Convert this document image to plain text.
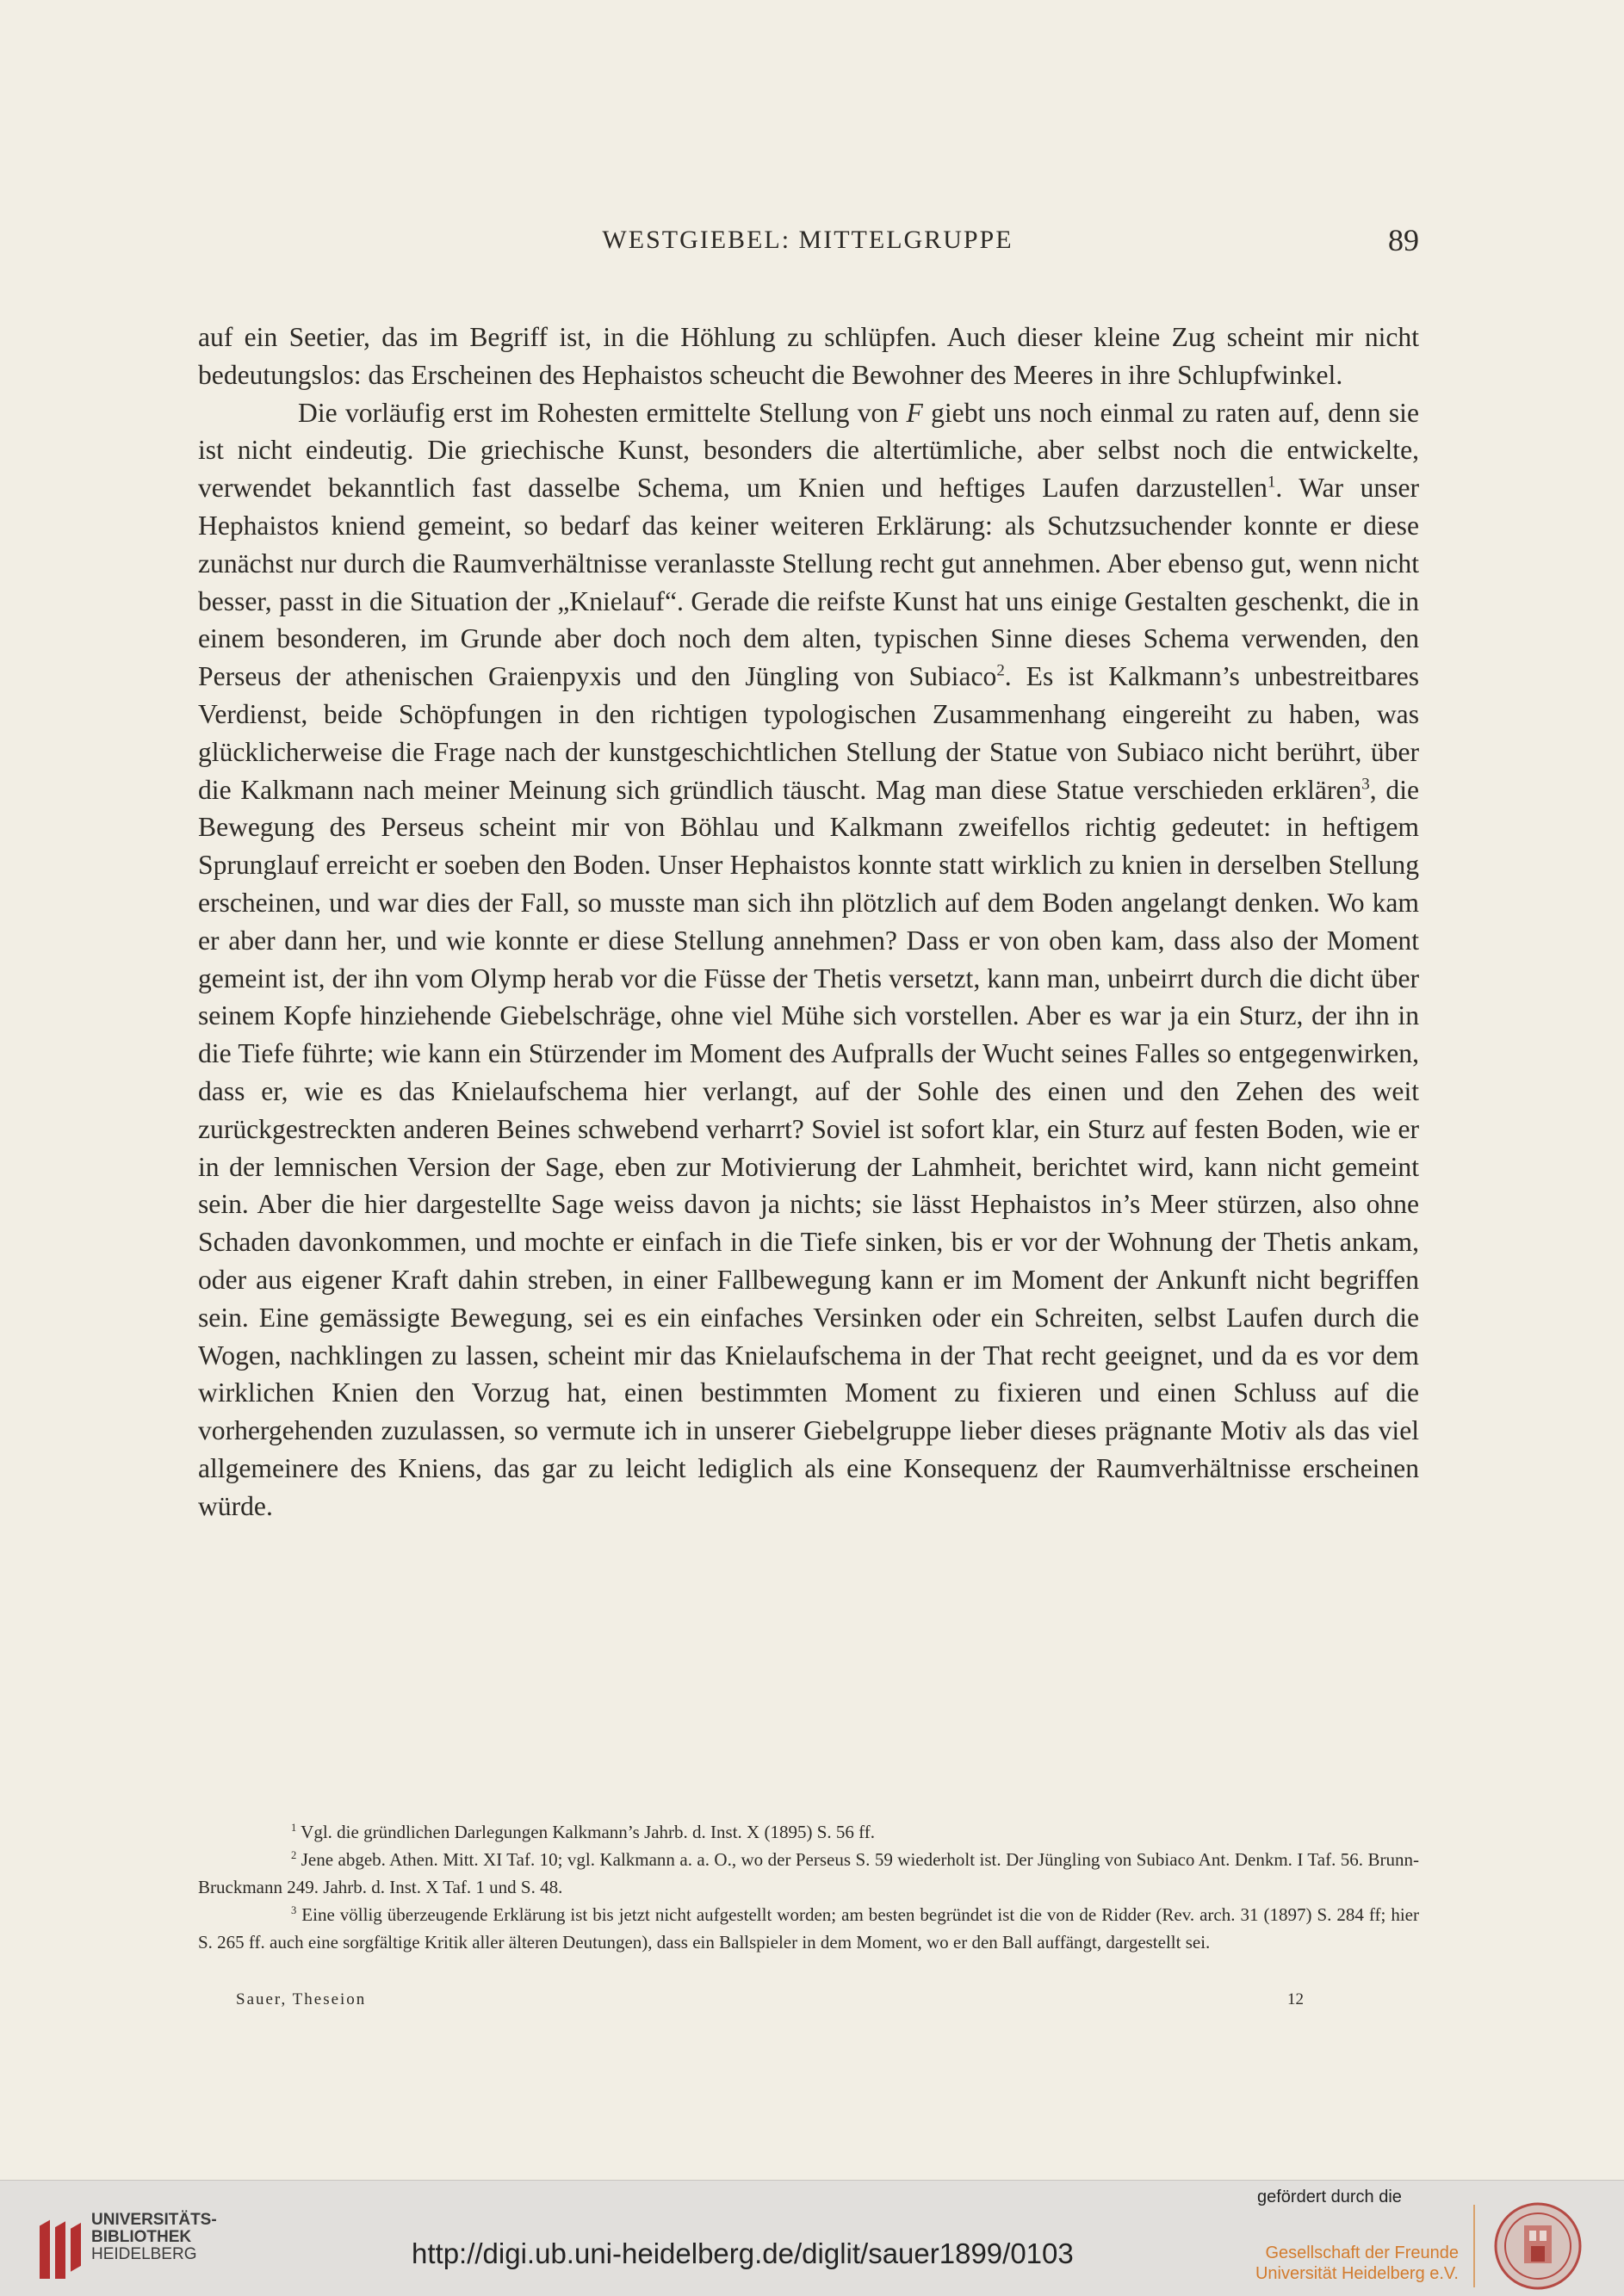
WESTGIEBEL: MITTELGRUPPE	89

auf ein Seetier, das im Begriff ist, in die Höhlung zu schlüpfen. Auch dieser kleine Zug scheint mir nicht bedeutungslos: das Erscheinen des Hephaistos scheucht die Bewohner des Meeres in ihre Schlupfwinkel.

Die vorläufig erst im Rohesten ermittelte Stellung von F giebt uns noch einmal zu raten auf, denn sie ist nicht eindeutig. Die griechische Kunst, besonders die altertümliche, aber selbst noch die entwickelte, verwendet bekanntlich fast dasselbe Schema, um Knien und heftiges Laufen darzustellen$^1$. War unser Hephaistos kniend gemeint, so bedarf das keiner weiteren Erklärung: als Schutzsuchender konnte er diese zunächst nur durch die Raumverhältnisse veranlasste Stellung recht gut annehmen. Aber ebenso gut, wenn nicht besser, passt in die Situation der „Knielauf“. Gerade die reifste Kunst hat uns einige Gestalten geschenkt, die in einem besonderen, im Grunde aber doch noch dem alten, typischen Sinne dieses Schema verwenden, den Perseus der athenischen Graienpyxis und den Jüngling von Subiaco$^2$. Es ist Kalkmann’s unbestreitbares Verdienst, beide Schöpfungen in den richtigen typologischen Zusammenhang eingereiht zu haben, was glücklicherweise die Frage nach der kunstgeschichtlichen Stellung der Statue von Subiaco nicht berührt, über die Kalkmann nach meiner Meinung sich gründlich täuscht. Mag man diese Statue verschieden erklären$^3$, die Bewegung des Perseus scheint mir von Böhlau und Kalkmann zweifellos richtig gedeutet: in heftigem Sprunglauf erreicht er soeben den Boden. Unser Hephaistos konnte statt wirklich zu knien in derselben Stellung erscheinen, und war dies der Fall, so musste man sich ihn plötzlich auf dem Boden angelangt denken. Wo kam er aber dann her, und wie konnte er diese Stellung annehmen? Dass er von oben kam, dass also der Moment gemeint ist, der ihn vom Olymp herab vor die Füsse der Thetis versetzt, kann man, unbeirrt durch die dicht über seinem Kopfe hinziehende Giebelschräge, ohne viel Mühe sich vorstellen. Aber es war ja ein Sturz, der ihn in die Tiefe führte; wie kann ein Stürzender im Moment des Aufpralls der Wucht seines Falles so entgegenwirken, dass er, wie es das Knielaufschema hier verlangt, auf der Sohle des einen und den Zehen des weit zurückgestreckten anderen Beines schwebend verharrt? Soviel ist sofort klar, ein Sturz auf festen Boden, wie er in der lemnischen Version der Sage, eben zur Motivierung der Lahmheit, berichtet wird, kann nicht gemeint sein. Aber die hier dargestellte Sage weiss davon ja nichts; sie lässt Hephaistos in’s Meer stürzen, also ohne Schaden davonkommen, und mochte er einfach in die Tiefe sinken, bis er vor der Wohnung der Thetis ankam, oder aus eigener Kraft dahin streben, in einer Fallbewegung kann er im Moment der Ankunft nicht begriffen sein. Eine gemässigte Bewegung, sei es ein einfaches Versinken oder ein Schreiten, selbst Laufen durch die Wogen, nachklingen zu lassen, scheint mir das Knielaufschema in der That recht geeignet, und da es vor dem wirklichen Knien den Vorzug hat, einen bestimmten Moment zu fixieren und einen Schluss auf die vorhergehenden zuzulassen, so vermute ich in unserer Giebelgruppe lieber dieses prägnante Motiv als das viel allgemeinere des Kniens, das gar zu leicht lediglich als eine Konsequenz der Raumverhältnisse erscheinen würde.

$^1$ Vgl. die gründlichen Darlegungen Kalkmann’s Jahrb. d. Inst. X (1895) S. 56 ff.

$^2$ Jene abgeb. Athen. Mitt. XI Taf. 10; vgl. Kalkmann a. a. O., wo der Perseus S. 59 wiederholt ist. Der Jüngling von Subiaco Ant. Denkm. I Taf. 56. Brunn-Bruckmann 249. Jahrb. d. Inst. X Taf. 1 und S. 48.

$^3$ Eine völlig überzeugende Erklärung ist bis jetzt nicht aufgestellt worden; am besten begründet ist die von de Ridder (Rev. arch. 31 (1897) S. 284 ff; hier S. 265 ff. auch eine sorgfältige Kritik aller älteren Deutungen), dass ein Ballspieler in dem Moment, wo er den Ball auffängt, dargestellt sei.

Sauer, Theseion	12
UNIVERSITÄTS-
BIBLIOTHEK
HEIDELBERG	http://digi.ub.uni-heidelberg.de/diglit/sauer1899/0103
gefördert durch die
Gesellschaft der Freunde
Universität Heidelberg e.V.
